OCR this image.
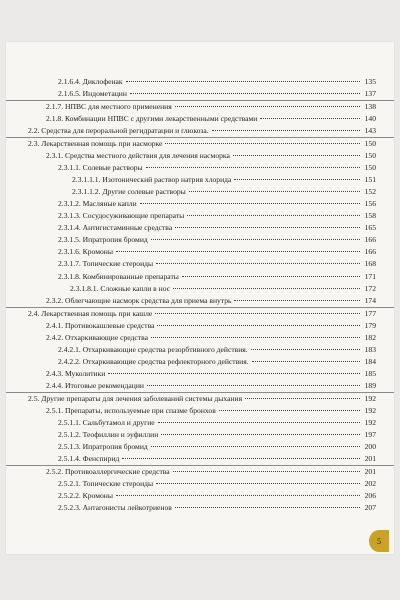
2.1.6.4. Диклофенак	135
2.1.6.5. Индометацин	137
2.1.7. НПВС для местного применения	138
2.1.8. Комбинации НПВС с другими лекарственными средствами	140
2.2. Средства для пероральной регидратации и глюкоза.	143
2.3. Лекарственная помощь при насморке	150
2.3.1. Средства местного действия для лечения насморка	150
2.3.1.1. Солевые растворы	150
2.3.1.1.1. Изотонический раствор натрия хлорида	151
2.3.1.1.2. Другие солевые растворы	152
2.3.1.2. Масляные капли	156
2.3.1.3. Сосудосуживающие препараты	158
2.3.1.4. Антигистаминные средства	165
2.3.1.5. Ипратропия бромид	166
2.3.1.6. Кромоны	166
2.3.1.7. Топические стероиды	168
2.3.1.8. Комбинированные препараты	171
2.3.1.8.1. Сложные капли в нос	172
2.3.2. Облегчающие насморк средства для приема внутрь	174
2.4. Лекарственная помощь при кашле	177
2.4.1. Противокашлевые средства	179
2.4.2. Отхаркивающие средства	182
2.4.2.1. Отхаркивающие средства резорбтивного действия.	183
2.4.2.2. Отхаркивающие средства рефлекторного действия.	184
2.4.3. Муколитики	185
2.4.4. Итоговые рекомендации	189
2.5. Другие препараты для лечения заболеваний системы дыхания	192
2.5.1. Препараты, используемые при спазме бронхов	192
2.5.1.1. Сальбутамол и другие	192
2.5.1.2. Теофиллин и эуфиллин	197
2.5.1.3. Ипратропия бромид	200
2.5.1.4. Фенспирид	201
2.5.2. Противоаллергические средства	201
2.5.2.1. Топические стероиды	202
2.5.2.2. Кромоны	206
2.5.2.3. Антагонисты лейкотриенов	207
5
